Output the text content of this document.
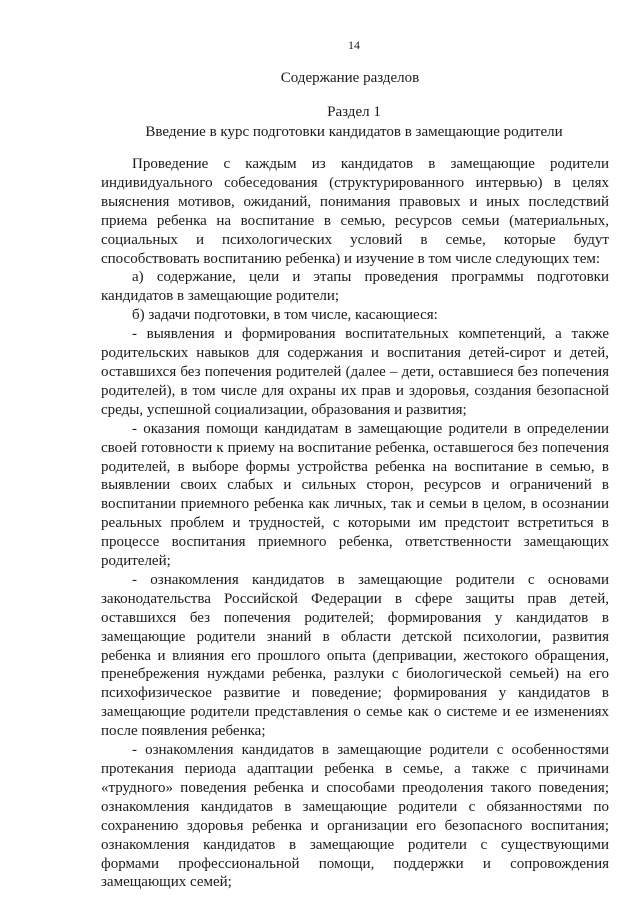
14
Содержание разделов
Раздел 1
Введение в курс подготовки кандидатов в замещающие родители

Проведение с каждым из кандидатов в замещающие родители индивидуального собеседования (структурированного интервью) в целях выяснения мотивов, ожиданий, понимания правовых и иных последствий приема ребенка на воспитание в семью, ресурсов семьи (материальных, социальных и психологических условий в семье, которые будут способствовать воспитанию ребенка) и изучение в том числе следующих тем:

а) содержание, цели и этапы проведения программы подготовки кандидатов в замещающие родители;

б) задачи подготовки, в том числе, касающиеся:

- выявления и формирования воспитательных компетенций, а также родительских навыков для содержания и воспитания детей-сирот и детей, оставшихся без попечения родителей (далее – дети, оставшиеся без попечения родителей), в том числе для охраны их прав и здоровья, создания безопасной среды, успешной социализации, образования и развития;

- оказания помощи кандидатам в замещающие родители в определении своей готовности к приему на воспитание ребенка, оставшегося без попечения родителей, в выборе формы устройства ребенка на воспитание в семью, в выявлении своих слабых и сильных сторон, ресурсов и ограничений в воспитании приемного ребенка как личных, так и семьи в целом, в осознании реальных проблем и трудностей, с которыми им предстоит встретиться в процессе воспитания приемного ребенка, ответственности замещающих родителей;

- ознакомления кандидатов в замещающие родители с основами законодательства Российской Федерации в сфере защиты прав детей, оставшихся без попечения родителей; формирования у кандидатов в замещающие родители знаний в области детской психологии, развития ребенка и влияния его прошлого опыта (депривации, жестокого обращения, пренебрежения нуждами ребенка, разлуки с биологической семьей) на его психофизическое развитие и поведение; формирования у кандидатов в замещающие родители представления о семье как о системе и ее изменениях после появления ребенка;

- ознакомления кандидатов в замещающие родители с особенностями протекания периода адаптации ребенка в семье, а также с причинами «трудного» поведения ребенка и способами преодоления такого поведения; ознакомления кандидатов в замещающие родители с обязанностями по сохранению здоровья ребенка и организации его безопасного воспитания; ознакомления кандидатов в замещающие родители с существующими формами профессиональной помощи, поддержки и сопровождения замещающих семей;
